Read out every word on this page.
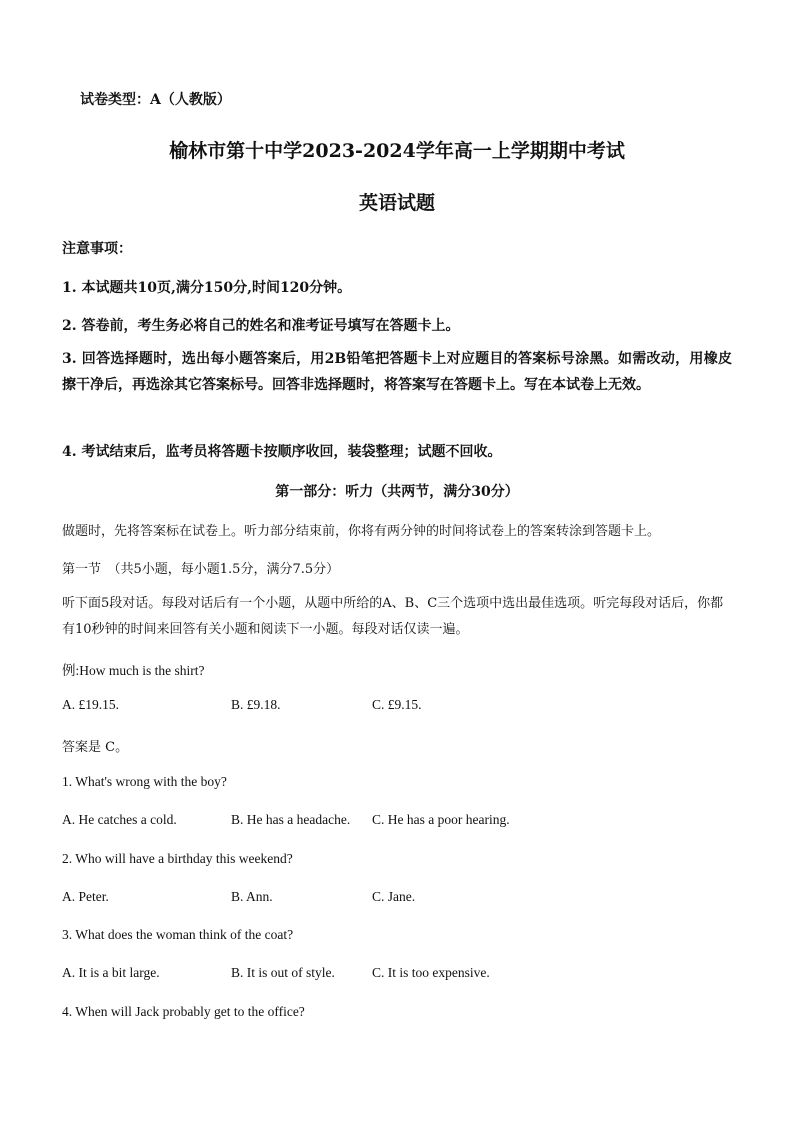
试卷类型：A（人教版）
榆林市第十中学2023-2024学年高一上学期期中考试
英语试题
注意事项：
1. 本试题共10页,满分150分,时间120分钟。
2. 答卷前，考生务必将自己的姓名和准考证号填写在答题卡上。
3. 回答选择题时，选出每小题答案后，用2B铅笔把答题卡上对应题目的答案标号涂黑。如需改动，用橡皮擦干净后，再选涂其它答案标号。回答非选择题时，将答案写在答题卡上。写在本试卷上无效。
4. 考试结束后，监考员将答题卡按顺序收回，装袋整理；试题不回收。
第一部分：听力（共两节，满分30分）
做题时，先将答案标在试卷上。听力部分结束前，你将有两分钟的时间将试卷上的答案转涂到答题卡上。
第一节　（共5小题，每小题1.5分，满分7.5分）
听下面5段对话。每段对话后有一个小题，从题中所给的A、B、C三个选项中选出最佳选项。听完每段对话后，你都有10秒钟的时间来回答有关小题和阅读下一小题。每段对话仅读一遍。
例:How much is the shirt?
A. £19.15.	B. £9.18.	C. £9.15.
答案是 C。
1. What's wrong with the boy?
A. He catches a cold.	B. He has a headache. C. He has a poor hearing.
2. Who will have a birthday this weekend?
A. Peter.	B. Ann.	C. Jane.
3. What does the woman think of the coat?
A. It is a bit large.	B. It is out of style.	C. It is too expensive.
4. When will Jack probably get to the office?
